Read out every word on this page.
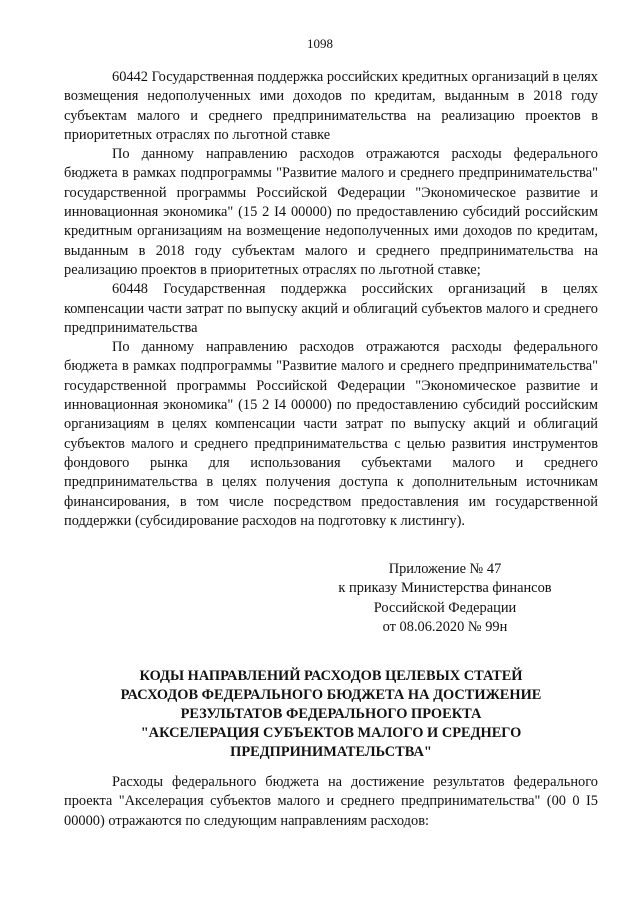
1098

60442 Государственная поддержка российских кредитных организаций в целях возмещения недополученных ими доходов по кредитам, выданным в 2018 году субъектам малого и среднего предпринимательства на реализацию проектов в приоритетных отраслях по льготной ставке

По данному направлению расходов отражаются расходы федерального бюджета в рамках подпрограммы "Развитие малого и среднего предпринимательства" государственной программы Российской Федерации "Экономическое развитие и инновационная экономика" (15 2 I4 00000) по предоставлению субсидий российским кредитным организациям на возмещение недополученных ими доходов по кредитам, выданным в 2018 году субъектам малого и среднего предпринимательства на реализацию проектов в приоритетных отраслях по льготной ставке;

60448 Государственная поддержка российских организаций в целях компенсации части затрат по выпуску акций и облигаций субъектов малого и среднего предпринимательства

По данному направлению расходов отражаются расходы федерального бюджета в рамках подпрограммы "Развитие малого и среднего предпринимательства" государственной программы Российской Федерации "Экономическое развитие и инновационная экономика" (15 2 I4 00000) по предоставлению субсидий российским организациям в целях компенсации части затрат по выпуску акций и облигаций субъектов малого и среднего предпринимательства с целью развития инструментов фондового рынка для использования субъектами малого и среднего предпринимательства в целях получения доступа к дополнительным источникам финансирования, в том числе посредством предоставления им государственной поддержки (субсидирование расходов на подготовку к листингу).

Приложение № 47
к приказу Министерства финансов
Российской Федерации
от 08.06.2020 № 99н
КОДЫ НАПРАВЛЕНИЙ РАСХОДОВ ЦЕЛЕВЫХ СТАТЕЙ
РАСХОДОВ ФЕДЕРАЛЬНОГО БЮДЖЕТА НА ДОСТИЖЕНИЕ
РЕЗУЛЬТАТОВ ФЕДЕРАЛЬНОГО ПРОЕКТА
"АКСЕЛЕРАЦИЯ СУБЪЕКТОВ МАЛОГО И СРЕДНЕГО
ПРЕДПРИНИМАТЕЛЬСТВА"

Расходы федерального бюджета на достижение результатов федерального проекта "Акселерация субъектов малого и среднего предпринимательства" (00 0 I5 00000) отражаются по следующим направлениям расходов:
